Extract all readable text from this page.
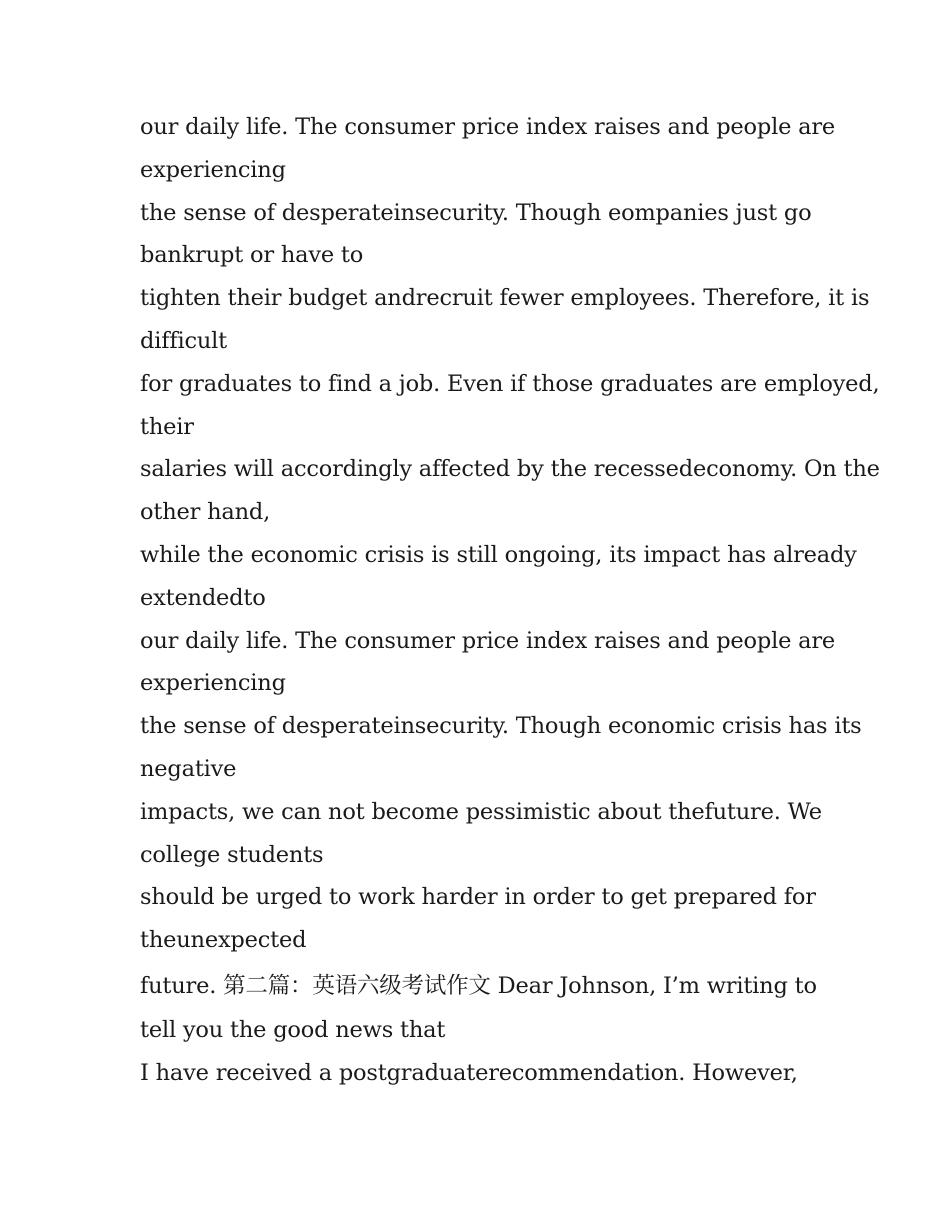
our daily life. The consumer price index raises and people are
experiencing
the sense of desperateinsecurity. Though eompanies just go
bankrupt or have to
tighten their budget andrecruit fewer employees. Therefore, it is
difficult
for graduates to find a job. Even if those graduates are employed,
their
salaries will accordingly affected by the recessedeconomy. On the
other hand,
while the economic crisis is still ongoing, its impact has already
extendedto
our daily life. The consumer price index raises and people are
experiencing
the sense of desperateinsecurity. Though economic crisis has its
negative
impacts, we can not become pessimistic about thefuture. We
college students
should be urged to work harder in order to get prepared for
theunexpected
future. 第二篇：英语六级考试作文 Dear Johnson, I’m writing to
tell you the good news that
I have received a postgraduaterecommendation. However,
